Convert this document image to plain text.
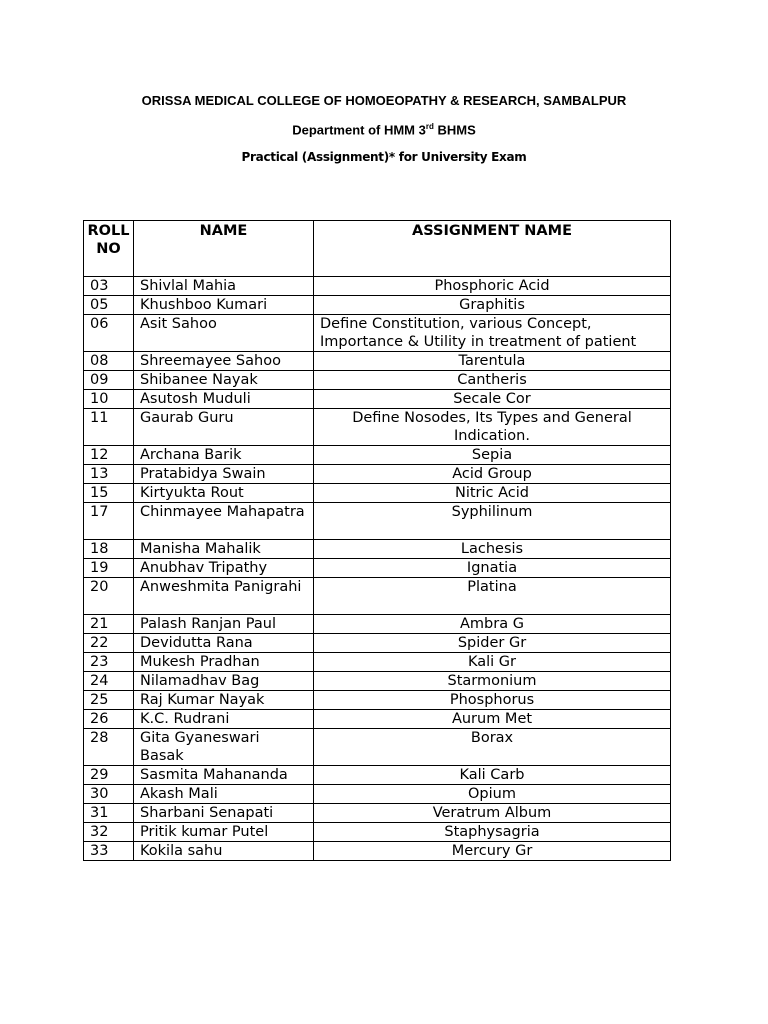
ORISSA MEDICAL COLLEGE OF HOMOEOPATHY & RESEARCH, SAMBALPUR
Department of HMM 3rd BHMS
Practical (Assignment)* for University Exam
ROLL NO	NAME	ASSIGNMENT NAME
03	Shivlal Mahia	Phosphoric Acid
05	Khushboo Kumari	Graphitis
06	Asit Sahoo	Define Constitution, various Concept, Importance & Utility in treatment of patient
08	Shreemayee Sahoo	Tarentula
09	Shibanee Nayak	Cantheris
10	Asutosh Muduli	Secale Cor
11	Gaurab Guru	Define Nosodes, Its Types and General Indication.
12	Archana Barik	Sepia
13	Pratabidya Swain	Acid Group
15	Kirtyukta Rout	Nitric Acid
17	Chinmayee Mahapatra	Syphilinum
18	Manisha Mahalik	Lachesis
19	Anubhav Tripathy	Ignatia
20	Anweshmita Panigrahi	Platina
21	Palash Ranjan Paul	Ambra G
22	Devidutta Rana	Spider Gr
23	Mukesh Pradhan	Kali Gr
24	Nilamadhav Bag	Starmonium
25	Raj Kumar Nayak	Phosphorus
26	K.C. Rudrani	Aurum Met
28	Gita Gyaneswari Basak	Borax
29	Sasmita Mahananda	Kali Carb
30	Akash Mali	Opium
31	Sharbani Senapati	Veratrum Album
32	Pritik kumar Putel	Staphysagria
33	Kokila sahu	Mercury Gr
